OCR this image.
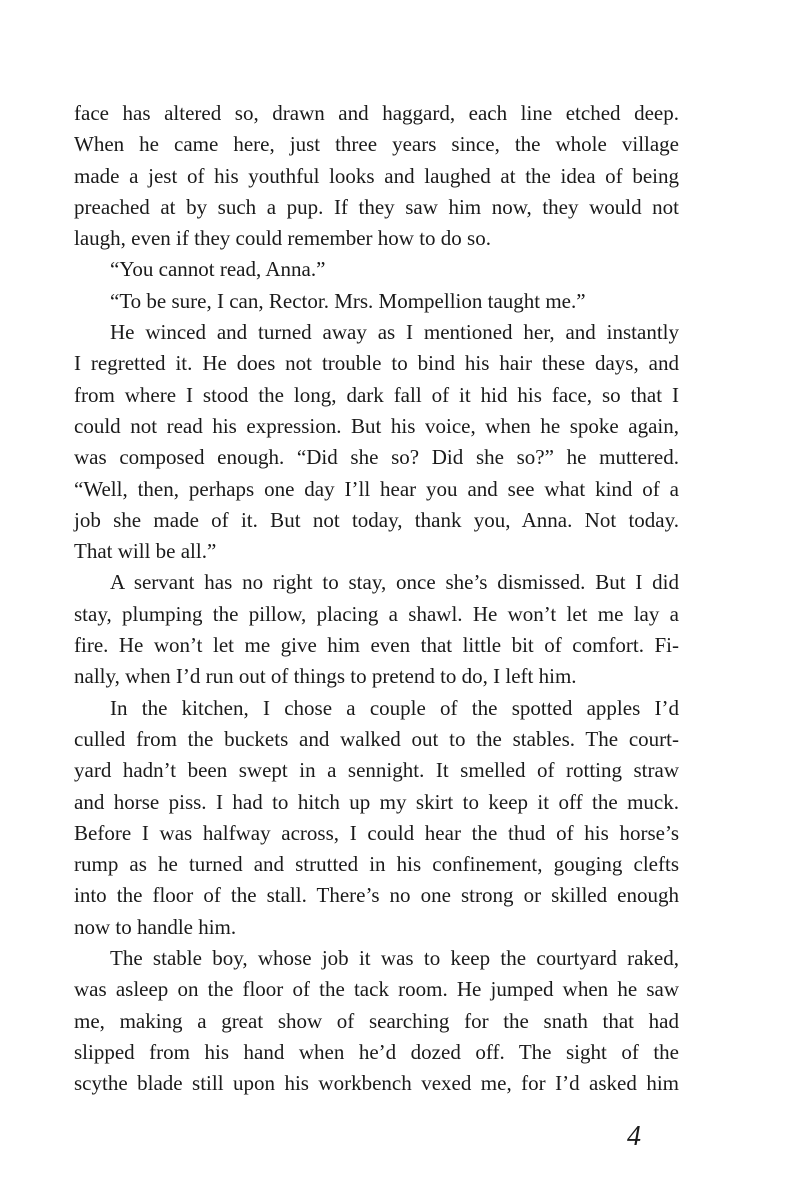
face has altered so, drawn and haggard, each line etched deep.
When he came here, just three years since, the whole village
made a jest of his youthful looks and laughed at the idea of being
preached at by such a pup. If they saw him now, they would not
laugh, even if they could remember how to do so.
“You cannot read, Anna.”
“To be sure, I can, Rector. Mrs. Mompellion taught me.”
He winced and turned away as I mentioned her, and instantly
I regretted it. He does not trouble to bind his hair these days, and
from where I stood the long, dark fall of it hid his face, so that I
could not read his expression. But his voice, when he spoke again,
was composed enough. “Did she so? Did she so?” he muttered.
“Well, then, perhaps one day I’ll hear you and see what kind of a
job she made of it. But not today, thank you, Anna. Not today.
That will be all.”
A servant has no right to stay, once she’s dismissed. But I did
stay, plumping the pillow, placing a shawl. He won’t let me lay a
fire. He won’t let me give him even that little bit of comfort. Fi-
nally, when I’d run out of things to pretend to do, I left him.
In the kitchen, I chose a couple of the spotted apples I’d
culled from the buckets and walked out to the stables. The court-
yard hadn’t been swept in a sennight. It smelled of rotting straw
and horse piss. I had to hitch up my skirt to keep it off the muck.
Before I was halfway across, I could hear the thud of his horse’s
rump as he turned and strutted in his confinement, gouging clefts
into the floor of the stall. There’s no one strong or skilled enough
now to handle him.
The stable boy, whose job it was to keep the courtyard raked,
was asleep on the floor of the tack room. He jumped when he saw
me, making a great show of searching for the snath that had
slipped from his hand when he’d dozed off. The sight of the
scythe blade still upon his workbench vexed me, for I’d asked him
4
